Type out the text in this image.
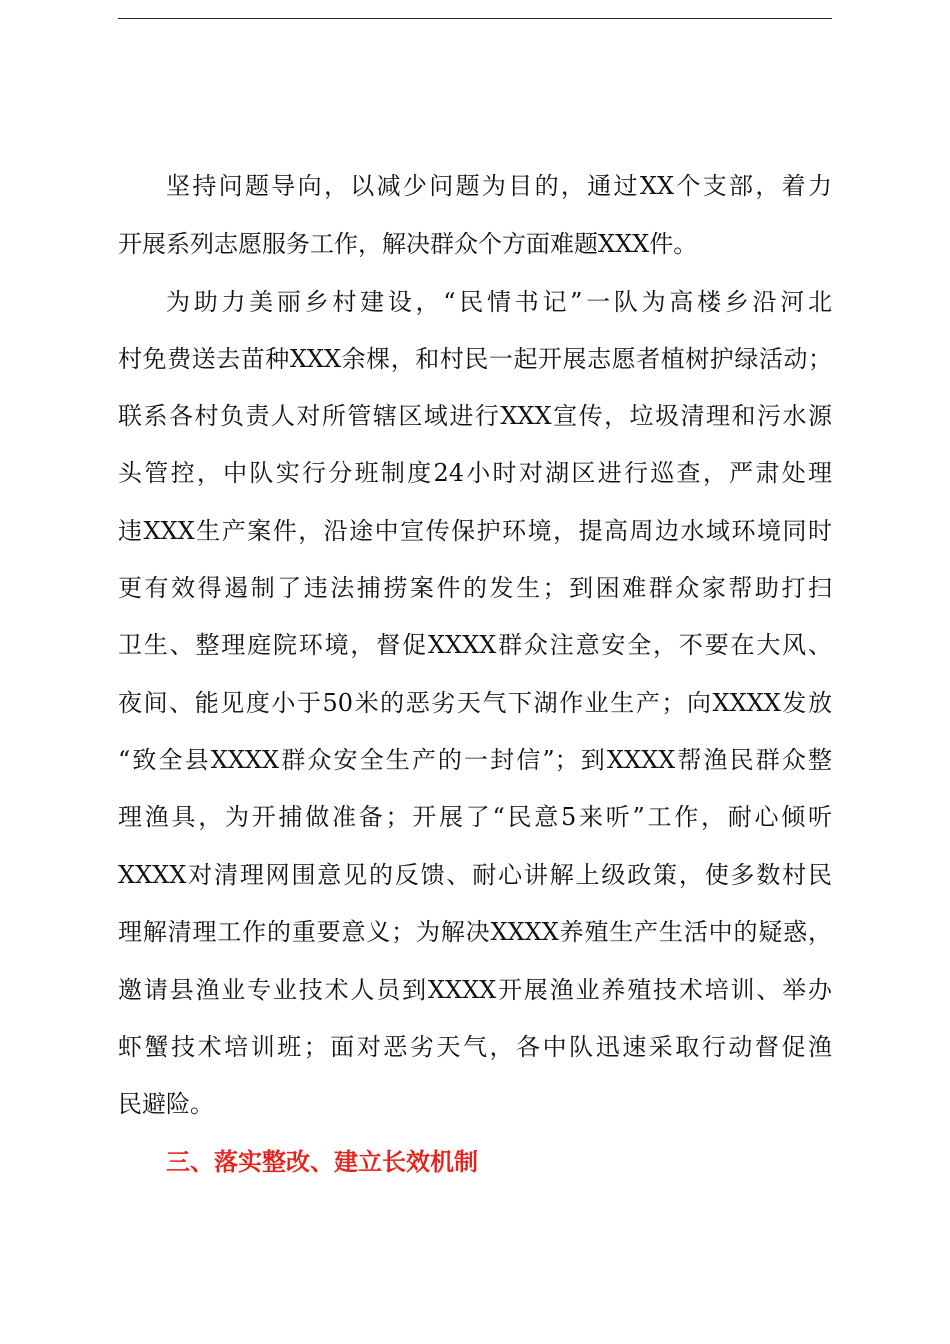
坚持问题导向，以减少问题为目的，通过XX个支部，着力
开展系列志愿服务工作，解决群众个方面难题XXX件。
为助力美丽乡村建设，“民情书记”一队为高楼乡沿河北
村免费送去苗种XXX余棵，和村民一起开展志愿者植树护绿活动；
联系各村负责人对所管辖区域进行XXX宣传，垃圾清理和污水源
头管控，中队实行分班制度24小时对湖区进行巡查，严肃处理
违XXX生产案件，沿途中宣传保护环境，提高周边水域环境同时
更有效得遏制了违法捕捞案件的发生；到困难群众家帮助打扫
卫生、整理庭院环境，督促XXXX群众注意安全，不要在大风、
夜间、能见度小于50米的恶劣天气下湖作业生产；向XXXX发放
“致全县XXXX群众安全生产的一封信”；到XXXX帮渔民群众整
理渔具，为开捕做准备；开展了“民意5来听”工作，耐心倾听
XXXX对清理网围意见的反馈、耐心讲解上级政策，使多数村民
理解清理工作的重要意义；为解决XXXX养殖生产生活中的疑惑，
邀请县渔业专业技术人员到XXXX开展渔业养殖技术培训、举办
虾蟹技术培训班；面对恶劣天气，各中队迅速采取行动督促渔
民避险。
三、落实整改、建立长效机制
